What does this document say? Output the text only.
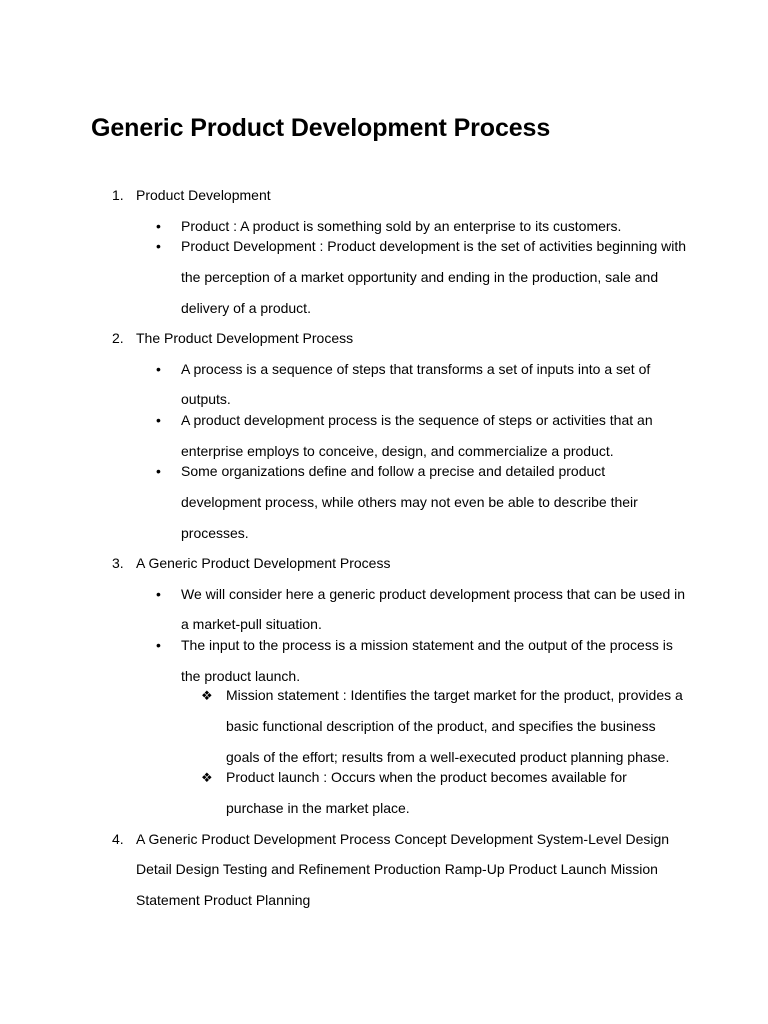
Generic Product Development Process
1. Product Development
• Product : A product is something sold by an enterprise to its customers.
• Product Development : Product development is the set of activities beginning with
the perception of a market opportunity and ending in the production, sale and
delivery of a product.
2. The Product Development Process
• A process is a sequence of steps that transforms a set of inputs into a set of
outputs.
• A product development process is the sequence of steps or activities that an
enterprise employs to conceive, design, and commercialize a product.
• Some organizations define and follow a precise and detailed product
development process, while others may not even be able to describe their
processes.
3. A Generic Product Development Process
• We will consider here a generic product development process that can be used in
a market-pull situation.
• The input to the process is a mission statement and the output of the process is
the product launch.
❖ Mission statement : Identifies the target market for the product, provides a
basic functional description of the product, and specifies the business
goals of the effort; results from a well-executed product planning phase.
❖ Product launch : Occurs when the product becomes available for
purchase in the market place.
4. A Generic Product Development Process Concept Development System-Level Design
Detail Design Testing and Refinement Production Ramp-Up Product Launch Mission
Statement Product Planning
